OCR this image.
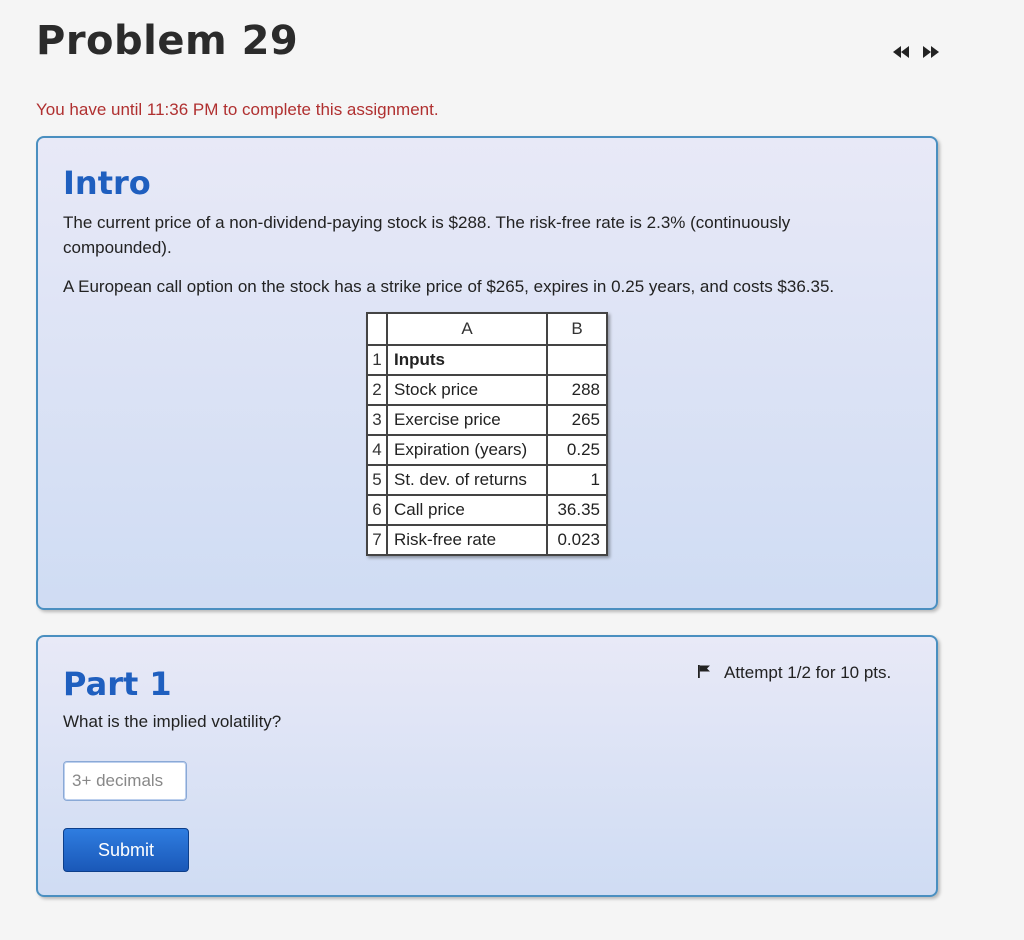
Problem 29
You have until 11:36 PM to complete this assignment.
Intro
The current price of a non-dividend-paying stock is $288. The risk-free rate is 2.3% (continuously compounded).
A European call option on the stock has a strike price of $265, expires in 0.25 years, and costs $36.35.
	A	B
1	Inputs	
2	Stock price	288
3	Exercise price	265
4	Expiration (years)	0.25
5	St. dev. of returns	1
6	Call price	36.35
7	Risk-free rate	0.023
Part 1	Attempt 1/2 for 10 pts.
What is the implied volatility?
3+ decimals
Submit
